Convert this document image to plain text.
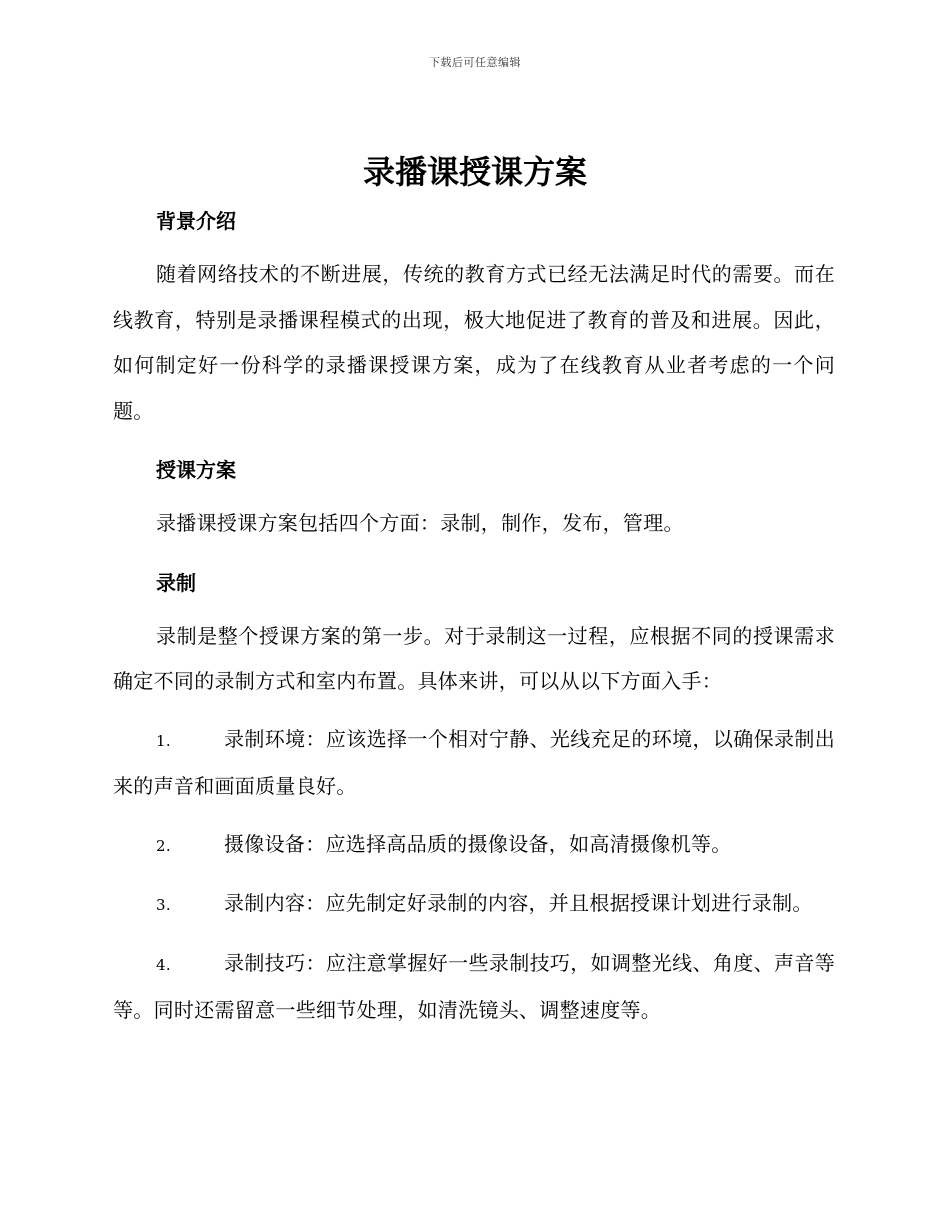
下载后可任意编辑
录播课授课方案
背景介绍

随着网络技术的不断进展，传统的教育方式已经无法满足时代的需要。而在线教育，特别是录播课程模式的出现，极大地促进了教育的普及和进展。因此，如何制定好一份科学的录播课授课方案，成为了在线教育从业者考虑的一个问题。

授课方案

录播课授课方案包括四个方面：录制，制作，发布，管理。

录制

录制是整个授课方案的第一步。对于录制这一过程，应根据不同的授课需求确定不同的录制方式和室内布置。具体来讲，可以从以下方面入手：

1.	录制环境：应该选择一个相对宁静、光线充足的环境，以确保录制出来的声音和画面质量良好。

2.	摄像设备：应选择高品质的摄像设备，如高清摄像机等。

3.	录制内容：应先制定好录制的内容，并且根据授课计划进行录制。

4.	录制技巧：应注意掌握好一些录制技巧，如调整光线、角度、声音等等。同时还需留意一些细节处理，如清洗镜头、调整速度等。
